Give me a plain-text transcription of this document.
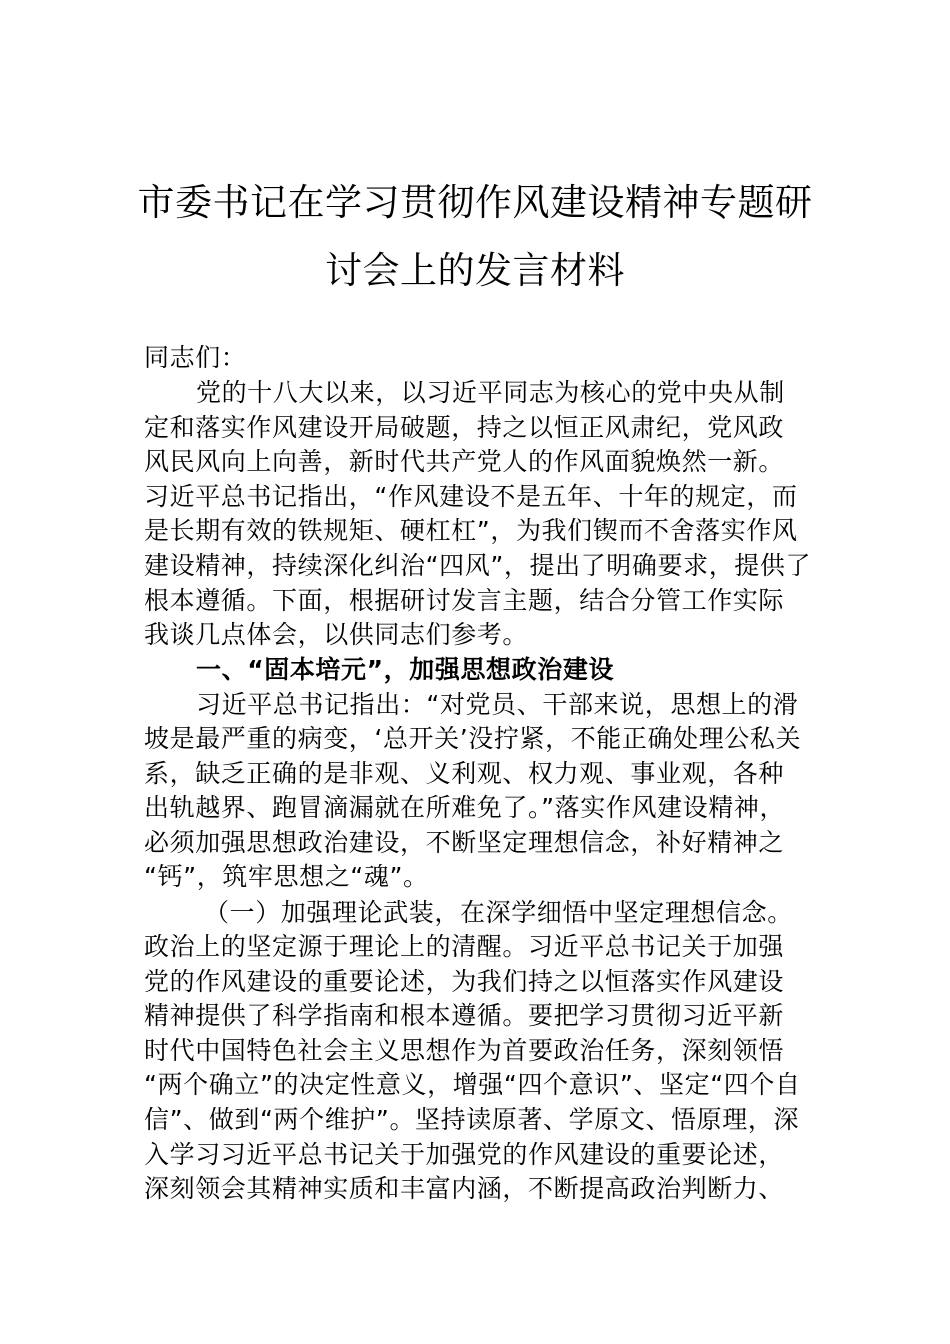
市委书记在学习贯彻作风建设精神专题研
讨会上的发言材料
同志们：
党的十八大以来，以习近平同志为核心的党中央从制
定和落实作风建设开局破题，持之以恒正风肃纪，党风政
风民风向上向善，新时代共产党人的作风面貌焕然一新。
习近平总书记指出，“作风建设不是五年、十年的规定，而
是长期有效的铁规矩、硬杠杠”，为我们锲而不舍落实作风
建设精神，持续深化纠治“四风”，提出了明确要求，提供了
根本遵循。下面，根据研讨发言主题，结合分管工作实际
我谈几点体会，以供同志们参考。
一、“固本培元”，加强思想政治建设
习近平总书记指出：“对党员、干部来说，思想上的滑
坡是最严重的病变，‘总开关’没拧紧，不能正确处理公私关
系，缺乏正确的是非观、义利观、权力观、事业观，各种
出轨越界、跑冒滴漏就在所难免了。”落实作风建设精神，
必须加强思想政治建设，不断坚定理想信念，补好精神之
“钙”，筑牢思想之“魂”。
（一）加强理论武装，在深学细悟中坚定理想信念。
政治上的坚定源于理论上的清醒。习近平总书记关于加强
党的作风建设的重要论述，为我们持之以恒落实作风建设
精神提供了科学指南和根本遵循。要把学习贯彻习近平新
时代中国特色社会主义思想作为首要政治任务，深刻领悟
“两个确立”的决定性意义，增强“四个意识”、坚定“四个自
信”、做到“两个维护”。坚持读原著、学原文、悟原理，深
入学习习近平总书记关于加强党的作风建设的重要论述，
深刻领会其精神实质和丰富内涵，不断提高政治判断力、
